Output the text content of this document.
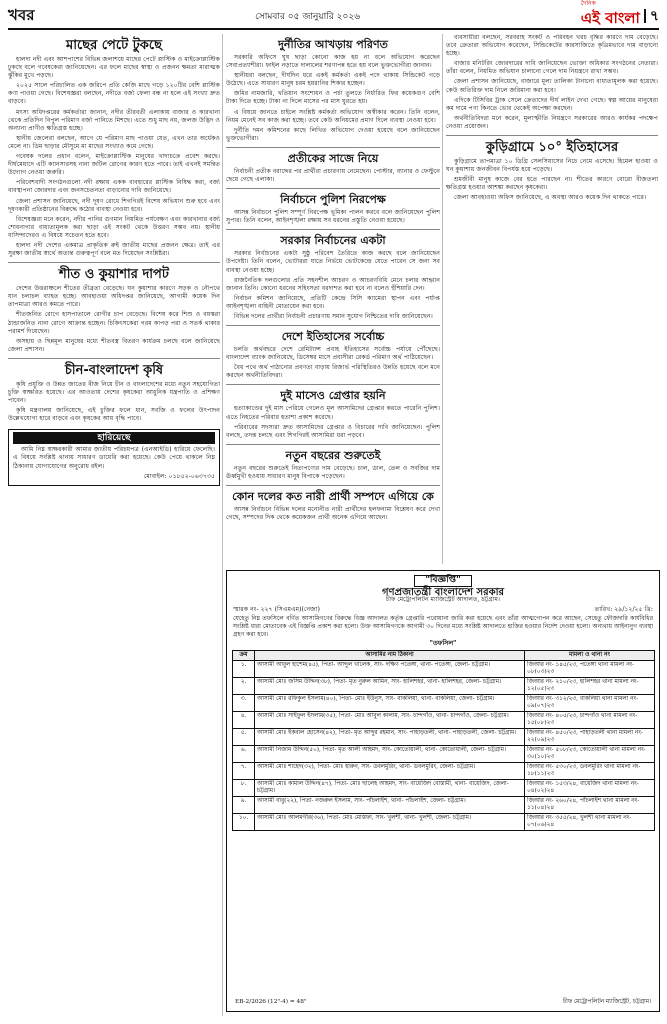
খবর	সোমবার ০৫ জানুয়ারি ২০২৬
দৈনিক
এই বাংলা ৭
মাছের পেটে টুকছে

হালদা নদী এবং আশপাশের বিভিন্ন জলাশয়ে মাছের পেটে প্লাস্টিক ও মাইক্রোপ্লাস্টিক ঢুকছে বলে গবেষকেরা জানিয়েছেন। এর ফলে মাছের স্বাস্থ্য ও প্রজনন ক্ষমতা মারাত্মক ঝুঁকির মুখে পড়ছে।

২০২৫ সালে পরিচালিত এক জরিপে প্রতি কেজি মাছে গড়ে ১২০টির বেশি প্লাস্টিক কণা পাওয়া গেছে। বিশেষজ্ঞরা বলছেন, নদীতে বর্জ্য ফেলা বন্ধ না হলে এই সংখ্যা দ্রুত বাড়বে।

মৎস্য অধিদপ্তরের কর্মকর্তারা জানান, নদীর তীরবর্তী এলাকায় বাজার ও কারখানা থেকে প্রতিদিন বিপুল পরিমাণ বর্জ্য পানিতে মিশছে। এতে শুধু মাছ নয়, জলজ উদ্ভিদ ও অন্যান্য প্রাণীও ক্ষতিগ্রস্ত হচ্ছে।

স্থানীয় জেলেরা বলছেন, আগে যে পরিমাণ মাছ পাওয়া যেত, এখন তার অর্ধেকও মেলে না। ডিম ছাড়ার মৌসুমে মা মাছের সংখ্যাও কমে গেছে।

গবেষক দলের প্রধান বলেন, মাইক্রোপ্লাস্টিক মানুষের খাদ্যচক্রে প্রবেশ করছে। দীর্ঘমেয়াদে এটি ক্যানসারসহ নানা জটিল রোগের কারণ হতে পারে। তাই এখনই সমন্বিত উদ্যোগ নেওয়া জরুরি।

পরিবেশবাদী সংগঠনগুলো নদী রক্ষায় একক ব্যবহারের প্লাস্টিক নিষিদ্ধ করা, বর্জ্য ব্যবস্থাপনা জোরদার এবং জনসচেতনতা বাড়ানোর দাবি জানিয়েছে।

জেলা প্রশাসন জানিয়েছে, নদী দূষণ রোধে শিগগিরই বিশেষ অভিযান শুরু হবে এবং দূষণকারী প্রতিষ্ঠানের বিরুদ্ধে কঠোর ব্যবস্থা নেওয়া হবে।

বিশেষজ্ঞরা মনে করেন, নদীর পানির গুণমান নিয়মিত পর্যবেক্ষণ এবং কারখানার বর্জ্য শোধনাগার বাধ্যতামূলক করা ছাড়া এই সংকট থেকে উত্তরণ সম্ভব নয়। স্থানীয় বাসিন্দাদেরও এ বিষয়ে সচেতন হতে হবে।

হালদা নদী দেশের একমাত্র প্রাকৃতিক রুই জাতীয় মাছের প্রজনন ক্ষেত্র। তাই এর সুরক্ষা জাতীয় স্বার্থে অত্যন্ত গুরুত্বপূর্ণ বলে মত দিয়েছেন সংশ্লিষ্টরা।

শীত ও কুয়াশার দাপট

দেশের উত্তরাঞ্চলে শীতের তীব্রতা বেড়েছে। ঘন কুয়াশার কারণে সড়ক ও নৌপথে যান চলাচল ব্যাহত হচ্ছে। আবহাওয়া অধিদপ্তর জানিয়েছে, আগামী কয়েক দিন তাপমাত্রা আরও কমতে পারে।

শীতজনিত রোগে হাসপাতালে রোগীর চাপ বেড়েছে। বিশেষ করে শিশু ও বয়স্করা ঠান্ডাজনিত নানা রোগে আক্রান্ত হচ্ছেন। চিকিৎসকেরা গরম কাপড় পরা ও সতর্ক থাকার পরামর্শ দিয়েছেন।

অসহায় ও ছিন্নমূল মানুষের মধ্যে শীতবস্ত্র বিতরণ কার্যক্রম চলছে বলে জানিয়েছে জেলা প্রশাসন।

চীন-বাংলাদেশ কৃষি

কৃষি প্রযুক্তি ও উন্নত জাতের বীজ নিয়ে চীন ও বাংলাদেশের মধ্যে নতুন সহযোগিতা চুক্তি স্বাক্ষরিত হয়েছে। এর আওতায় দেশের কৃষকেরা আধুনিক যন্ত্রপাতি ও প্রশিক্ষণ পাবেন।

কৃষি মন্ত্রণালয় জানিয়েছে, এই চুক্তির ফলে ধান, সবজি ও ফলের উৎপাদন উল্লেখযোগ্য হারে বাড়বে এবং কৃষকের আয় বৃদ্ধি পাবে।

হারিয়েছে

আমি নিম্ন স্বাক্ষরকারী আমার জাতীয় পরিচয়পত্র (এনআইডি) হারিয়ে ফেলেছি। এ বিষয়ে সংশ্লিষ্ট থানায় সাধারণ ডায়েরি করা হয়েছে। কেউ পেয়ে থাকলে নিম্ন ঠিকানায় যোগাযোগের অনুরোধ রইল।

মোবাইল: ০১৮৫২-০৬৩৭৩৫

দুর্নীতির আখড়ায় পরিণত

সরকারি অফিসে ঘুষ ছাড়া কোনো কাজ হয় না বলে অভিযোগ করেছেন সেবাপ্রত্যাশীরা। ফাইল নড়াতে দালালের শরণাপন্ন হতে হয় বলে ভুক্তভোগীরা জানান।

স্থানীয়রা বলছেন, দীর্ঘদিন ধরে একই কর্মকর্তা একই পদে থাকায় সিন্ডিকেট গড়ে উঠেছে। এতে সাধারণ মানুষ চরম হয়রানির শিকার হচ্ছেন।

জমির নামজারি, খতিয়ান সংশোধন ও পর্চা তুলতে নির্ধারিত ফির কয়েকগুণ বেশি টাকা দিতে হচ্ছে। টাকা না দিলে মাসের পর মাস ঘুরতে হয়।

এ বিষয়ে জানতে চাইলে সংশ্লিষ্ট কর্মকর্তা অভিযোগ অস্বীকার করেন। তিনি বলেন, নিয়ম মেনেই সব কাজ করা হচ্ছে। তবে কেউ অনিয়মের প্রমাণ দিলে ব্যবস্থা নেওয়া হবে।

দুর্নীতি দমন কমিশনের কাছে লিখিত অভিযোগ দেওয়া হয়েছে বলে জানিয়েছেন ভুক্তভোগীরা।

প্রতীকের সাজে নিয়ে

নির্বাচনী প্রতীক বরাদ্দের পর প্রার্থীরা প্রচারণায় নেমেছেন। পোস্টার, ব্যানার ও ফেস্টুনে ছেয়ে গেছে এলাকা।

নির্বাচনে পুলিশ নিরপেক্ষ

আসন্ন নির্বাচনে পুলিশ সম্পূর্ণ নিরপেক্ষ ভূমিকা পালন করবে বলে জানিয়েছেন পুলিশ সুপার। তিনি বলেন, আইনশৃঙ্খলা রক্ষায় সব ধরনের প্রস্তুতি নেওয়া হয়েছে।

সরকার নির্বাচনের একটা

সরকার নির্বাচনের একটা সুষ্ঠু পরিবেশ তৈরিতে কাজ করছে বলে জানিয়েছেন উপদেষ্টা। তিনি বলেন, ভোটাররা যাতে নির্ভয়ে ভোটকেন্দ্রে যেতে পারেন সে জন্য সব ব্যবস্থা নেওয়া হচ্ছে।

রাজনৈতিক দলগুলোর প্রতি সহনশীল আচরণ ও আচরণবিধি মেনে চলার আহ্বান জানান তিনি। কোনো ধরনের সহিংসতা বরদাশত করা হবে না বলেও হুঁশিয়ারি দেন।

নির্বাচন কমিশন জানিয়েছে, প্রতিটি কেন্দ্রে সিসি ক্যামেরা স্থাপন এবং পর্যাপ্ত আইনশৃঙ্খলা বাহিনী মোতায়েন করা হবে।

বিভিন্ন দলের প্রার্থীরা নির্বাচনী প্রচারণায় সমান সুযোগ নিশ্চিতের দাবি জানিয়েছেন।

দেশে ইতিহাসের সর্বোচ্চ

চলতি অর্থবছরে দেশে রেমিট্যান্স প্রবাহ ইতিহাসের সর্বোচ্চ পর্যায়ে পৌঁছেছে। বাংলাদেশ ব্যাংক জানিয়েছে, ডিসেম্বর মাসে প্রবাসীরা রেকর্ড পরিমাণ অর্থ পাঠিয়েছেন।

বৈধ পথে অর্থ পাঠানোর প্রবণতা বাড়ায় রিজার্ভ পরিস্থিতিরও উন্নতি হয়েছে বলে মনে করছেন অর্থনীতিবিদরা।

দুই মাসেও গ্রেপ্তার হয়নি

হত্যাকাণ্ডের দুই মাস পেরিয়ে গেলেও মূল আসামিদের গ্রেপ্তার করতে পারেনি পুলিশ। এতে নিহতের পরিবার হতাশা প্রকাশ করেছে।

পরিবারের সদস্যরা দ্রুত আসামিদের গ্রেপ্তার ও বিচারের দাবি জানিয়েছেন। পুলিশ বলছে, তদন্ত চলছে এবং শিগগিরই আসামিরা ধরা পড়বে।

নতুন বছরের শুরুতেই

নতুন বছরের শুরুতেই নিত্যপণ্যের দাম বেড়েছে। চাল, ডাল, তেল ও সবজির দাম ঊর্ধ্বমুখী হওয়ায় সাধারণ মানুষ বিপাকে পড়েছেন।

কোন দলের কত নারী প্রার্থী সম্পদে এগিয়ে কে

আসন্ন নির্বাচনে বিভিন্ন দলের মনোনীত নারী প্রার্থীদের হলফনামা বিশ্লেষণ করে দেখা গেছে, সম্পদের দিক থেকে কয়েকজন প্রার্থী অনেক এগিয়ে আছেন।

ব্যবসায়ীরা বলছেন, সরবরাহ সংকট ও পরিবহন খরচ বৃদ্ধির কারণে দাম বেড়েছে। তবে ক্রেতারা অভিযোগ করেছেন, সিন্ডিকেটের কারসাজিতে কৃত্রিমভাবে দাম বাড়ানো হচ্ছে।

বাজার মনিটরিং জোরদারের দাবি জানিয়েছেন ভোক্তা অধিকার সংগঠনের নেতারা। তাঁরা বলেন, নিয়মিত অভিযান চালানো গেলে দাম নিয়ন্ত্রণে রাখা সম্ভব।

জেলা প্রশাসন জানিয়েছে, বাজারে মূল্য তালিকা টানানো বাধ্যতামূলক করা হয়েছে। কেউ অতিরিক্ত দাম নিলে জরিমানা করা হবে।

এদিকে টিসিবির ট্রাক সেলে ক্রেতাদের দীর্ঘ লাইন দেখা গেছে। স্বল্প আয়ের মানুষেরা কম দামে পণ্য কিনতে ভোর থেকেই অপেক্ষা করছেন।

অর্থনীতিবিদরা মনে করেন, মূল্যস্ফীতি নিয়ন্ত্রণে সরকারের আরও কার্যকর পদক্ষেপ নেওয়া প্রয়োজন।

কুড়িগ্রামে ১০° ইতিহাসের

কুড়িগ্রামে তাপমাত্রা ১০ ডিগ্রি সেলসিয়াসের নিচে নেমে এসেছে। হিমেল হাওয়া ও ঘন কুয়াশায় জনজীবন বিপর্যস্ত হয়ে পড়েছে।

শ্রমজীবী মানুষ কাজে বের হতে পারছেন না। শীতের কারণে বোরো বীজতলা ক্ষতিগ্রস্ত হওয়ার আশঙ্কা করছেন কৃষকেরা।

জেলা আবহাওয়া অফিস জানিয়েছে, এ অবস্থা আরও কয়েক দিন থাকতে পারে।

"বিজ্ঞপ্তি"
গণপ্রজাতন্ত্রী বাংলাদেশ সরকার
চীফ মেট্রোপলিটন ম্যাজিস্ট্রেট আদালত, চট্টগ্রাম।
স্মারক নং- ২২৭ (সিএমএম)(নেজা)	তারিখ: ২৯/১২/২৫ খ্রি:
যেহেতু নিম্ন তফসিলে বর্ণিত আসামিগণের বিরুদ্ধে বিজ্ঞ আদালত কর্তৃক গ্রেপ্তারি পরোয়ানা জারি করা হয়েছে এবং তাঁরা আত্মগোপন করে আছেন, সেহেতু ফৌজদারি কার্যবিধির সংশ্লিষ্ট ধারা মোতাবেক এই বিজ্ঞপ্তি প্রকাশ করা হলো। উক্ত আসামিগণকে আগামী ৩০ দিনের মধ্যে সংশ্লিষ্ট আদালতে হাজির হওয়ার নির্দেশ দেওয়া হলো। অন্যথায় আইনানুগ ব্যবস্থা গ্রহণ করা হবে।
"তফসিল"
ক্রম	আসামির নাম ঠিকানা	মামলা ও থানা নং
১.	আসামী আবুল হাশেম(৪৫), পিতা- আব্দুল খালেক, সাং- দক্ষিণ পতেঙ্গা, থানা- পতেঙ্গা, জেলা- চট্টগ্রাম।	জিআর নং- ১৪৫/২৩, পতেঙ্গা থানা মামলা নং- ০৮(০৩)২৩
২.	আসামী মোঃ জসিম উদ্দিন(৩৮), পিতা- মৃত নুরুল আমিন, সাং- হালিশহর, থানা- হালিশহর, জেলা- চট্টগ্রাম।	জিআর নং- ২১০/২৩, হালিশহর থানা মামলা নং- ১২(০৫)২৩
৩.	আসামী মোঃ রফিকুল ইসলাম(৪০), পিতা- মোঃ ইউনুস, সাং- বাকলিয়া, থানা- বাকলিয়া, জেলা- চট্টগ্রাম।	জিআর নং- ৩১২/২৩, বাকলিয়া থানা মামলা নং- ০৯(০৭)২৩
৪.	আসামী মোঃ সাইফুল ইসলাম(৩৫), পিতা- মোঃ আবুল কালাম, সাং- চান্দগাঁও, থানা- চান্দগাঁও, জেলা- চট্টগ্রাম।	জিআর নং- ৪০৫/২৩, চান্দগাঁও থানা মামলা নং- ১৫(০৮)২৩
৫.	আসামী মোঃ ইকবাল হোসেন(৪২), পিতা- মৃত আব্দুর রহমান, সাং- পাহাড়তলী, থানা- পাহাড়তলী, জেলা- চট্টগ্রাম।	জিআর নং- ৪৫০/২৩, পাহাড়তলী থানা মামলা নং- ২২(০৯)২৩
৬.	আসামী নিজাম উদ্দিন(৫০), পিতা- মৃত আলী আহমদ, সাং- কোতোয়ালী, থানা- কোতোয়ালী, জেলা- চট্টগ্রাম।	জিআর নং- ৫০৮/২৩, কোতোয়ালী থানা মামলা নং- ৩০(১০)২৩
৭.	আসামী মোঃ শাহেদ(৩২), পিতা- মোঃ হারুন, সাং- ডবলমুরিং, থানা- ডবলমুরিং, জেলা- চট্টগ্রাম।	জিআর নং- ৫৩০/২৩, ডবলমুরিং থানা মামলা নং- ১৮(১১)২৩
৮.	আসামী মোঃ কামাল উদ্দিন(৪৭), পিতা- মোঃ ছালেহ আহমদ, সাং- বায়েজিদ বোস্তামী, থানা- বায়েজিদ, জেলা- চট্টগ্রাম।	জিআর নং- ১৫৩/২৪, বায়েজিদ থানা মামলা নং- ০৪(০২)২৪
৯.	আসামী বাবু(২২), পিতা- নজরুল ইসলাম, সাং- পাঁচলাইশ, থানা- পাঁচলাইশ, জেলা- চট্টগ্রাম।	জিআর নং- ২৬০/২৪, পাঁচলাইশ থানা মামলা নং- ১১(০৪)২৪
১০.	আসামী মোঃ আলমগীর(৩৬), পিতা- মোঃ মোস্তফা, সাং- খুলশী, থানা- খুলশী, জেলা- চট্টগ্রাম।	জিআর নং- ৩৫৫/২৪, খুলশী থানা মামলা নং- ০৭(০৬)২৪
EB-2/2026 (12"-4) = 48"	চীফ মেট্রোপলিটন ম্যাজিস্ট্রেট, চট্টগ্রাম।
